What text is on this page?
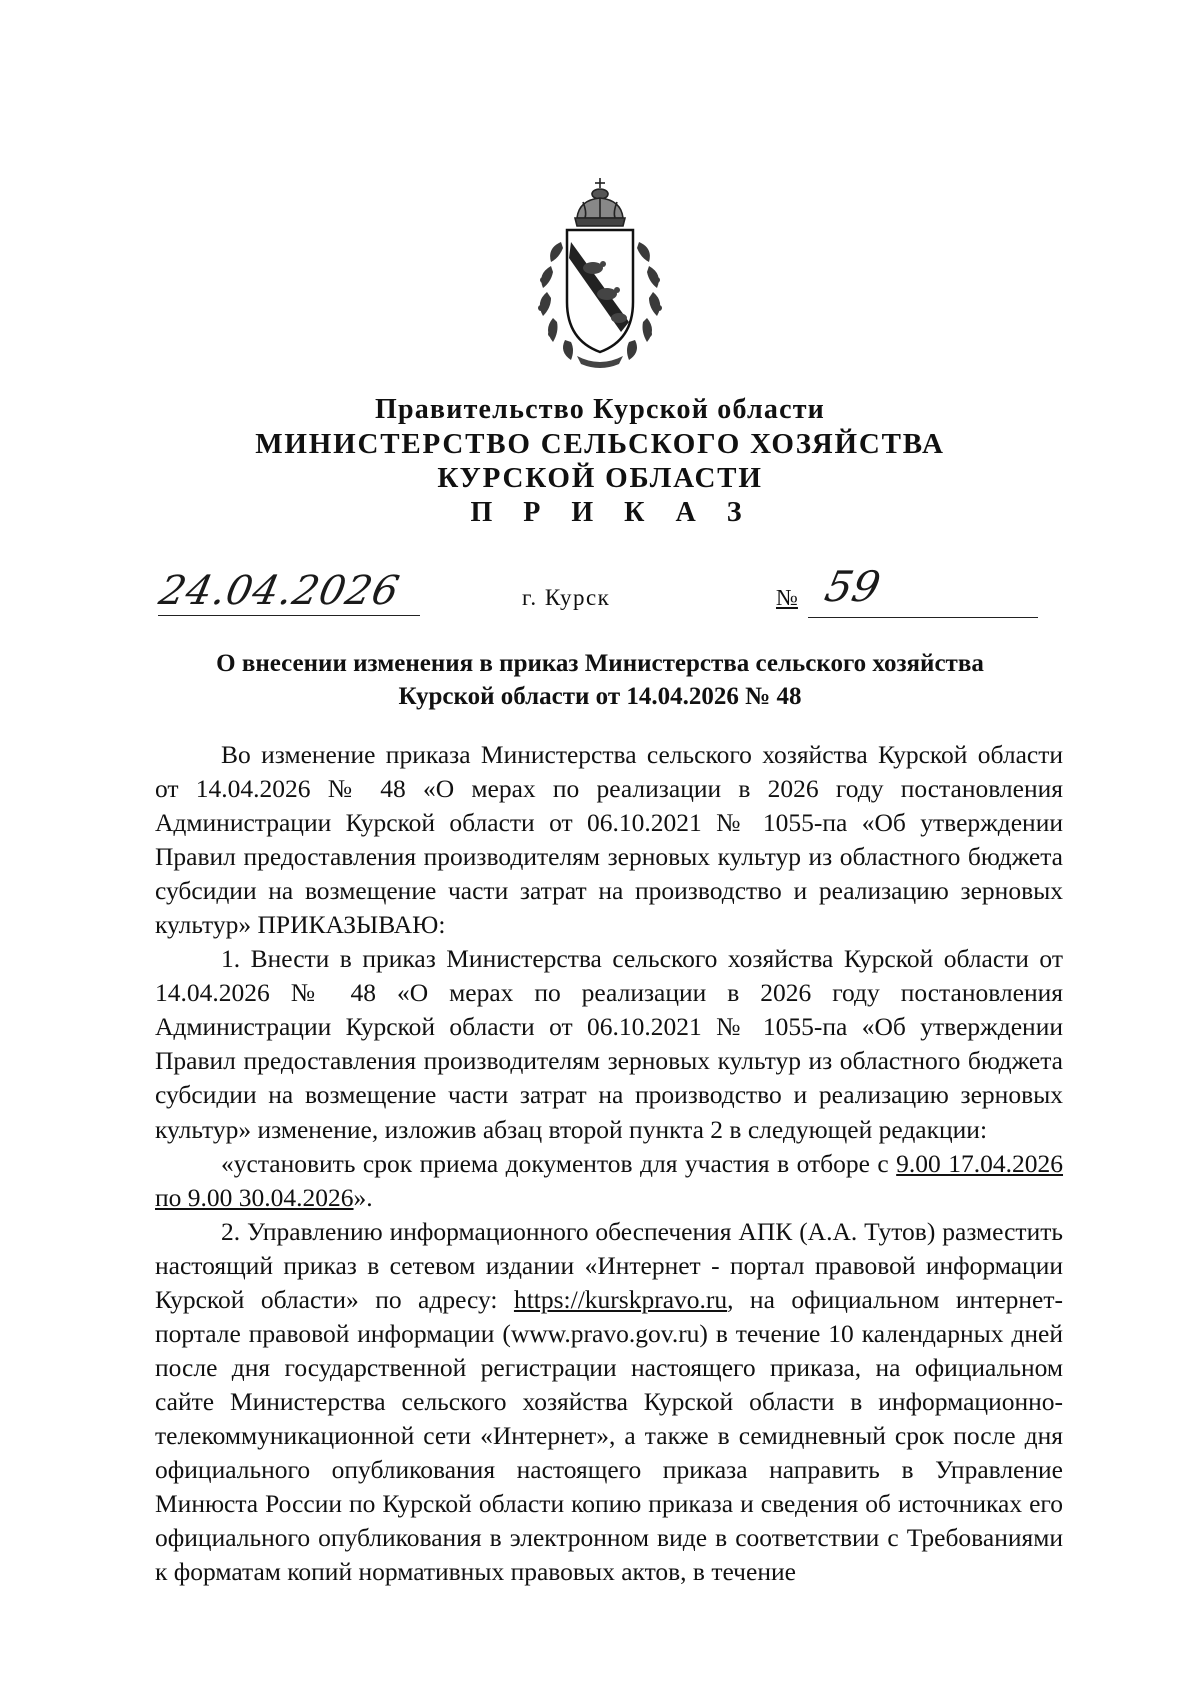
Правительство Курской области
МИНИСТЕРСТВО СЕЛЬСКОГО ХОЗЯЙСТВА
КУРСКОЙ ОБЛАСТИ
П Р И К А З
24.04.2026	г. Курск	№ 59
О внесении изменения в приказ Министерства сельского хозяйства
Курской области от 14.04.2026 № 48

Во изменение приказа Министерства сельского хозяйства Курской области от 14.04.2026 № 48 «О мерах по реализации в 2026 году постановления Администрации Курской области от 06.10.2021 № 1055-па «Об утверждении Правил предоставления производителям зерновых культур из областного бюджета субсидии на возмещение части затрат на производство и реализацию зерновых культур» ПРИКАЗЫВАЮ:

1. Внести в приказ Министерства сельского хозяйства Курской области от 14.04.2026 № 48 «О мерах по реализации в 2026 году постановления Администрации Курской области от 06.10.2021 № 1055-па «Об утверждении Правил предоставления производителям зерновых культур из областного бюджета субсидии на возмещение части затрат на производство и реализацию зерновых культур» изменение, изложив абзац второй пункта 2 в следующей редакции:

«установить срок приема документов для участия в отборе с 9.00 17.04.2026 по 9.00 30.04.2026».

2. Управлению информационного обеспечения АПК (А.А. Тутов) разместить настоящий приказ в сетевом издании «Интернет - портал правовой информации Курской области» по адресу: https://kurskpravo.ru, на официальном интернет-портале правовой информации (www.pravo.gov.ru) в течение 10 календарных дней после дня государственной регистрации настоящего приказа, на официальном сайте Министерства сельского хозяйства Курской области в информационно-телекоммуникационной сети «Интернет», а также в семидневный срок после дня официального опубликования настоящего приказа направить в Управление Минюста России по Курской области копию приказа и сведения об источниках его официального опубликования в электронном виде в соответствии с Требованиями к форматам копий нормативных правовых актов, в течение
